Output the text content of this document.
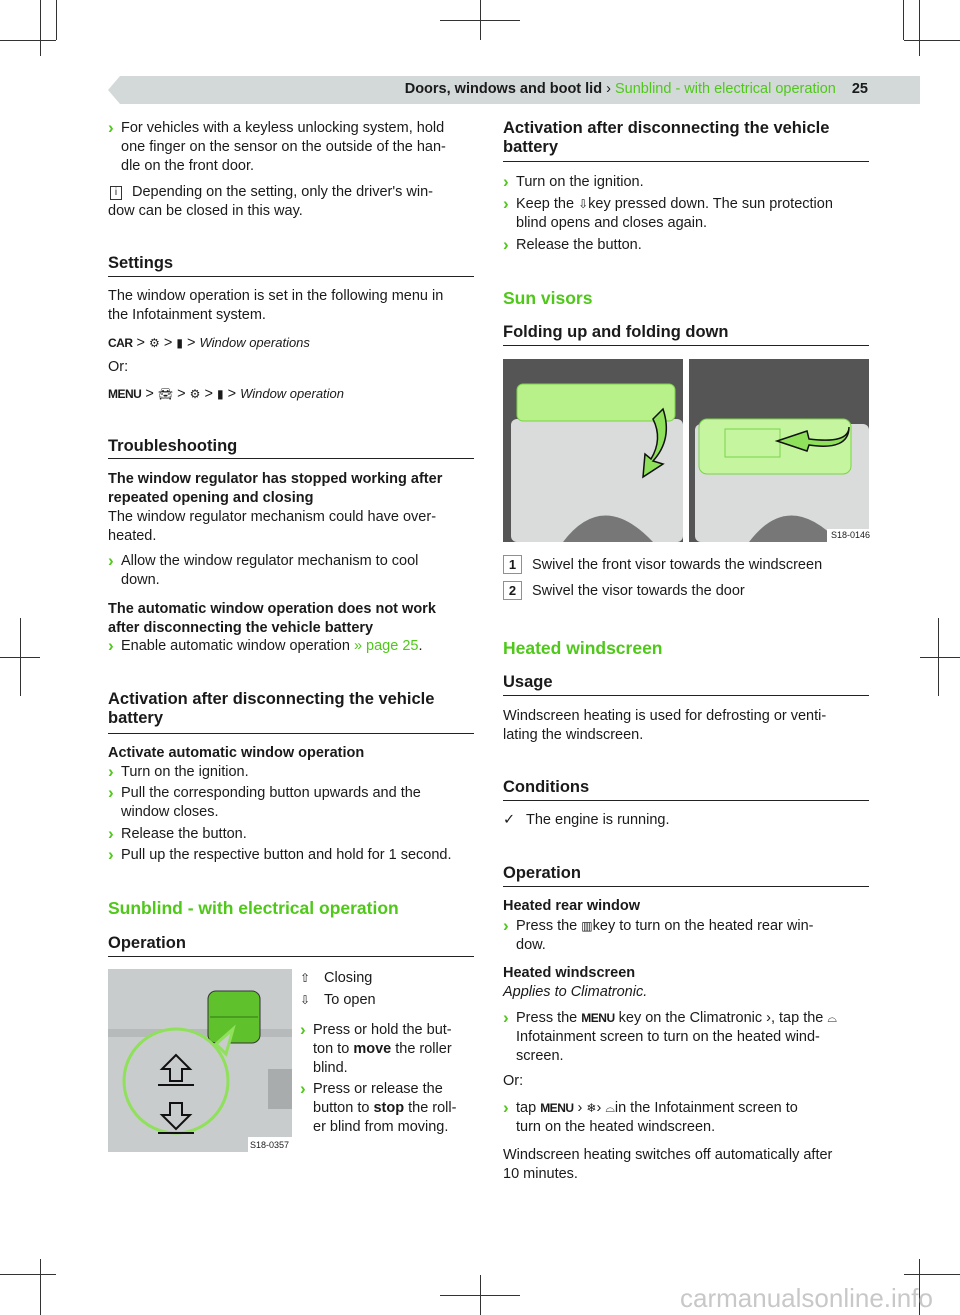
Doors, windows and boot lid › Sunblind - with electrical operation 25
› For vehicles with a keyless unlocking system, hold
one finger on the sensor on the outside of the han-
dle on the front door.
i	Depending on the setting, only the driver's win-
dow can be closed in this way.
Settings
The window operation is set in the following menu in
the Infotainment system.
CAR > ⚙ > ▮ > Window operations
Or:
MENU > 🚘︎ > ⚙ > ▮ > Window operation
Troubleshooting
The window regulator has stopped working after
repeated opening and closing
The window regulator mechanism could have over-
heated.
› Allow the window regulator mechanism to cool
down.
The automatic window operation does not work
after disconnecting the vehicle battery
› Enable automatic window operation » page 25.
Activation after disconnecting the vehicle
battery
Activate automatic window operation
› Turn on the ignition.
› Pull the corresponding button upwards and the
window closes.
› Release the button.
› Pull up the respective button and hold for 1 second.
Sunblind - with electrical operation
Operation
S18-0357
⇧ Closing
⇩ To open
› Press or hold the but-
ton to move the roller
blind.
› Press or release the
button to stop the roll-
er blind from moving.
Activation after disconnecting the vehicle
battery
› Turn on the ignition.
› Keep the ⇩key pressed down. The sun protection
blind opens and closes again.
› Release the button.
Sun visors
Folding up and folding down
S18-0146
1 Swivel the front visor towards the windscreen
2 Swivel the visor towards the door
Heated windscreen
Usage
Windscreen heating is used for defrosting or venti-
lating the windscreen.
Conditions
✓ The engine is running.
Operation
Heated rear window
› Press the ▥key to turn on the heated rear win-
dow.
Heated windscreen
Applies to Climatronic.
› Press the MENU key on the Climatronic ›, tap the ⌓
Infotainment screen to turn on the heated wind-
screen.
Or:
› tap MENU › ❄› ⌓in the Infotainment screen to
turn on the heated windscreen.
Windscreen heating switches off automatically after
10 minutes.
carmanualsonline.info
